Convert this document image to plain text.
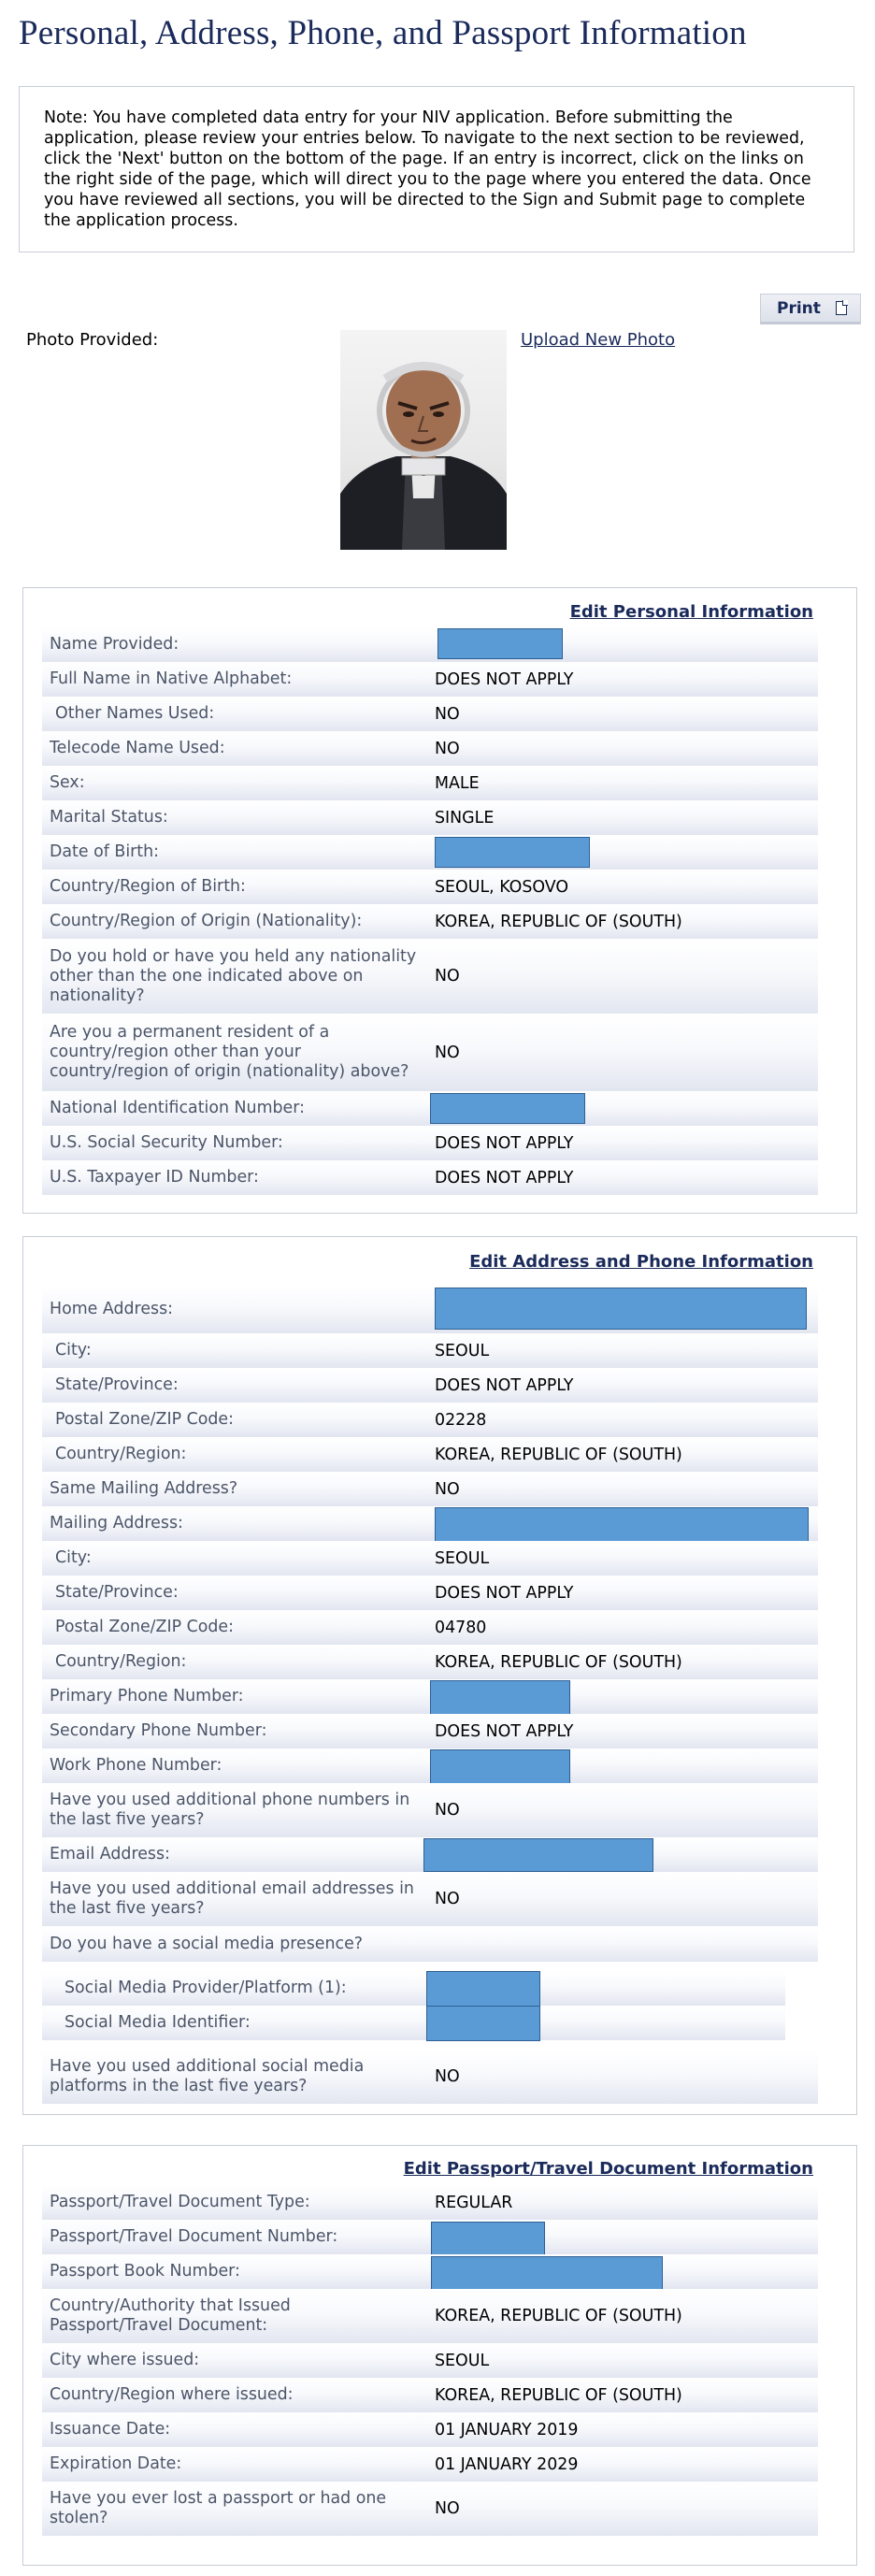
Personal, Address, Phone, and Passport Information
Note: You have completed data entry for your NIV application. Before submitting the application, please review your entries below. To navigate to the next section to be reviewed, click the 'Next' button on the bottom of the page. If an entry is incorrect, click on the links on the right side of the page, which will direct you to the page where you entered the data. Once you have reviewed all sections, you will be directed to the Sign and Submit page to complete the application process.
Print
Photo Provided:	Upload New Photo
Edit Personal Information
Name Provided:
Full Name in Native Alphabet:	DOES NOT APPLY
Other Names Used:	NO
Telecode Name Used:	NO
Sex:	MALE
Marital Status:	SINGLE
Date of Birth:
Country/Region of Birth:	SEOUL, KOSOVO
Country/Region of Origin (Nationality):	KOREA, REPUBLIC OF (SOUTH)
Do you hold or have you held any nationality other than the one indicated above on nationality?
NO
Are you a permanent resident of a country/region other than your country/region of origin (nationality) above?
NO
National Identification Number:
U.S. Social Security Number:	DOES NOT APPLY
U.S. Taxpayer ID Number:	DOES NOT APPLY
Edit Address and Phone Information
Home Address:
City:	SEOUL
State/Province:	DOES NOT APPLY
Postal Zone/ZIP Code:	02228
Country/Region:	KOREA, REPUBLIC OF (SOUTH)
Same Mailing Address?	NO
Mailing Address:
City:	SEOUL
State/Province:	DOES NOT APPLY
Postal Zone/ZIP Code:	04780
Country/Region:	KOREA, REPUBLIC OF (SOUTH)
Primary Phone Number:
Secondary Phone Number:	DOES NOT APPLY
Work Phone Number:
Have you used additional phone numbers in the last five years?	NO
Email Address:
Have you used additional email addresses in the last five years?	NO
Do you have a social media presence?
Social Media Provider/Platform (1):
Social Media Identifier:
Have you used additional social media platforms in the last five years?	NO
Edit Passport/Travel Document Information
Passport/Travel Document Type:	REGULAR
Passport/Travel Document Number:
Passport Book Number:
Country/Authority that Issued Passport/Travel Document:	KOREA, REPUBLIC OF (SOUTH)
City where issued:	SEOUL
Country/Region where issued:	KOREA, REPUBLIC OF (SOUTH)
Issuance Date:	01 JANUARY 2019
Expiration Date:	01 JANUARY 2029
Have you ever lost a passport or had one stolen?	NO
